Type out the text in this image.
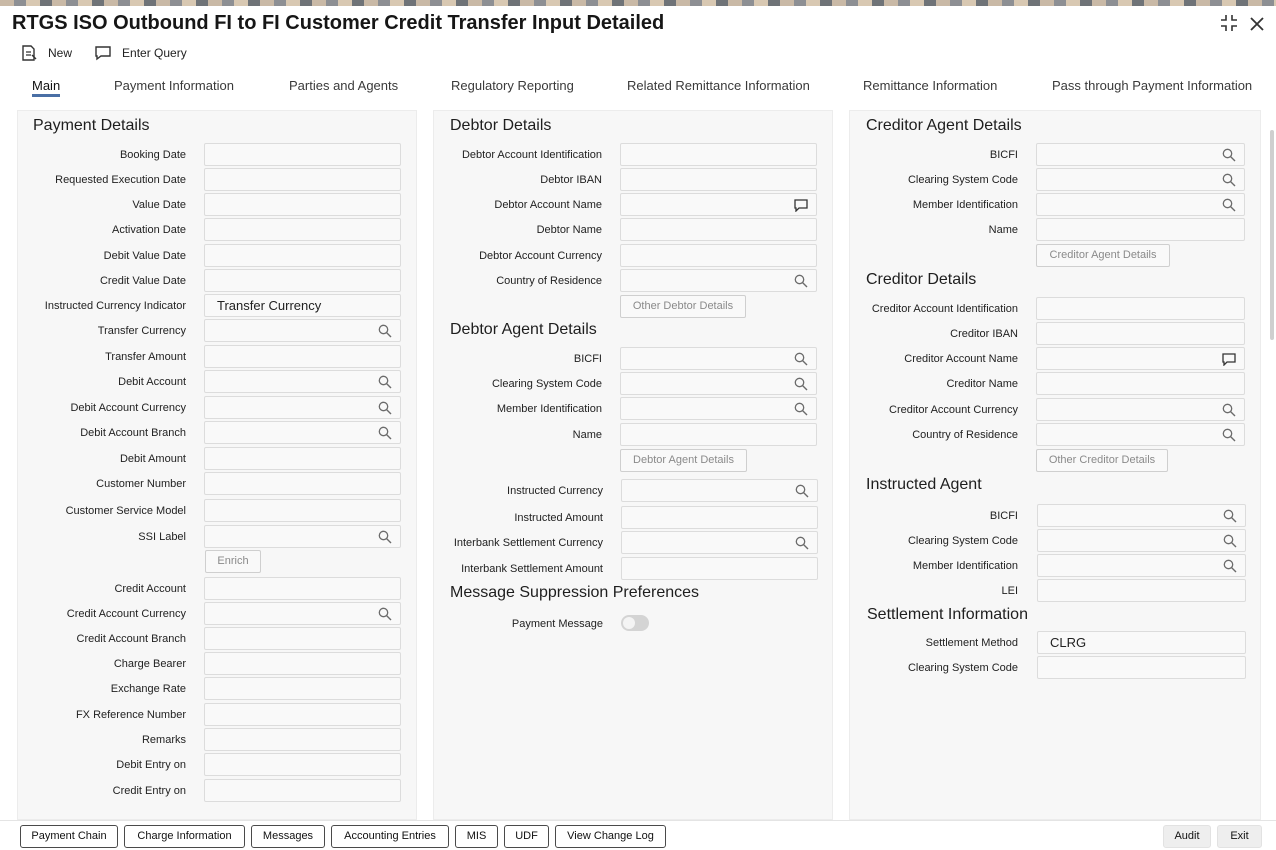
RTGS ISO Outbound FI to FI Customer Credit Transfer Input Detailed
New	Enter Query
Main	Payment Information	Parties and Agents	Regulatory Reporting	Related Remittance Information	Remittance Information	Pass through Payment Information
Payment Details
Booking Date
Requested Execution Date
Value Date
Activation Date
Debit Value Date
Credit Value Date
Instructed Currency Indicator	Transfer Currency
Transfer Currency
Transfer Amount
Debit Account
Debit Account Currency
Debit Account Branch
Debit Amount
Customer Number
Customer Service Model
SSI Label
Credit Account
Credit Account Currency
Credit Account Branch
Charge Bearer
Exchange Rate
FX Reference Number
Remarks
Debit Entry on
Credit Entry on
Enrich
Debtor Details
Debtor Account Identification
Debtor IBAN
Debtor Account Name
Debtor Name
Debtor Account Currency
Country of Residence
Other Debtor Details
Debtor Agent Details
BICFI
Clearing System Code
Member Identification
Name
Debtor Agent Details
Instructed Currency
Instructed Amount
Interbank Settlement Currency
Interbank Settlement Amount
Message Suppression Preferences
Payment Message
Creditor Agent Details
BICFI
Clearing System Code
Member Identification
Name
Creditor Agent Details
Creditor Details
Creditor Account Identification
Creditor IBAN
Creditor Account Name
Creditor Name
Creditor Account Currency
Country of Residence
Other Creditor Details
Instructed Agent
BICFI
Clearing System Code
Member Identification
LEI
Settlement Information
Settlement Method	CLRG
Clearing System Code
Payment Chain	Charge Information	Messages	Accounting Entries	MIS	UDF	View Change Log	Audit	Exit
